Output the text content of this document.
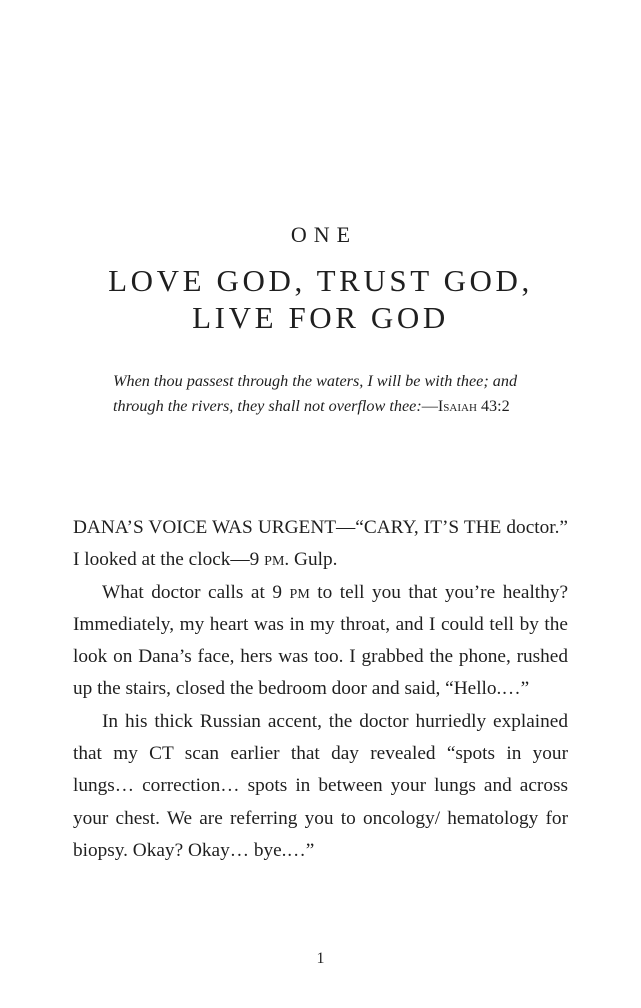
ONE
LOVE GOD, TRUST GOD,
LIVE FOR GOD
When thou passest through the waters, I will be with thee; and
through the rivers, they shall not overflow thee:—Isaiah 43:2

DANA’S VOICE WAS URGENT—“CARY, IT’S THE doctor.” I looked at the clock—9 pm. Gulp.

What doctor calls at 9 pm to tell you that you’re healthy? Immediately, my heart was in my throat, and I could tell by the look on Dana’s face, hers was too. I grabbed the phone, rushed up the stairs, closed the bedroom door and said, “Hello.…”

In his thick Russian accent, the doctor hurriedly explained that my CT scan earlier that day revealed “spots in your lungs… correction… spots in between your lungs and across your chest. We are referring you to oncology/ hematology for biopsy. Okay? Okay… bye.…”

1
